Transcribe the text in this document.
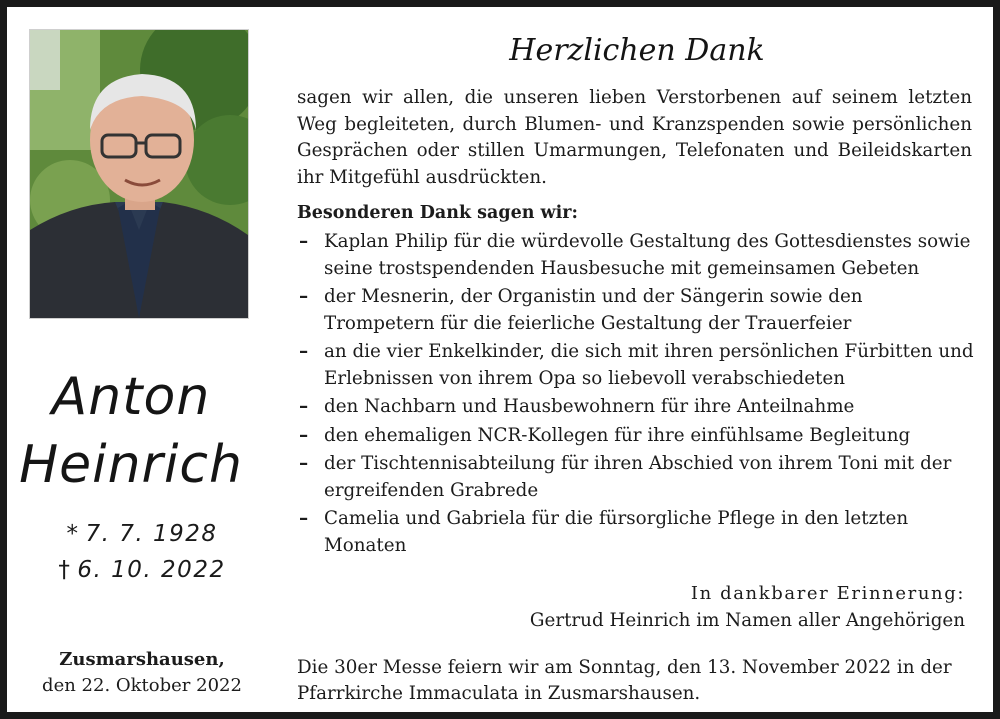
Anton
Heinrich
* 7. 7. 1928
† 6. 10. 2022
Zusmarshausen,
den 22. Oktober 2022
Herzlichen Dank
sagen wir allen, die unseren lieben Verstorbenen auf seinem letzten Weg begleiteten, durch Blumen- und Kranzspenden sowie persönlichen Gesprächen oder stillen Umarmungen, Telefonaten und Beileidskarten ihr Mitgefühl ausdrückten.
Besonderen Dank sagen wir:
– Kaplan Philip für die würdevolle Gestaltung des Gottesdienstes sowie seine trostspendenden Hausbesuche mit gemeinsamen Gebeten
– der Mesnerin, der Organistin und der Sängerin sowie den Trompetern für die feierliche Gestaltung der Trauerfeier
– an die vier Enkelkinder, die sich mit ihren persönlichen Fürbitten und Erlebnissen von ihrem Opa so liebevoll verabschiedeten
– den Nachbarn und Hausbewohnern für ihre Anteilnahme
– den ehemaligen NCR-Kollegen für ihre einfühlsame Begleitung
– der Tischtennisabteilung für ihren Abschied von ihrem Toni mit der ergreifenden Grabrede
– Camelia und Gabriela für die fürsorgliche Pflege in den letzten Monaten
In dankbarer Erinnerung:
Gertrud Heinrich im Namen aller Angehörigen
Die 30er Messe feiern wir am Sonntag, den 13. November 2022 in der Pfarrkirche Immaculata in Zusmarshausen.
